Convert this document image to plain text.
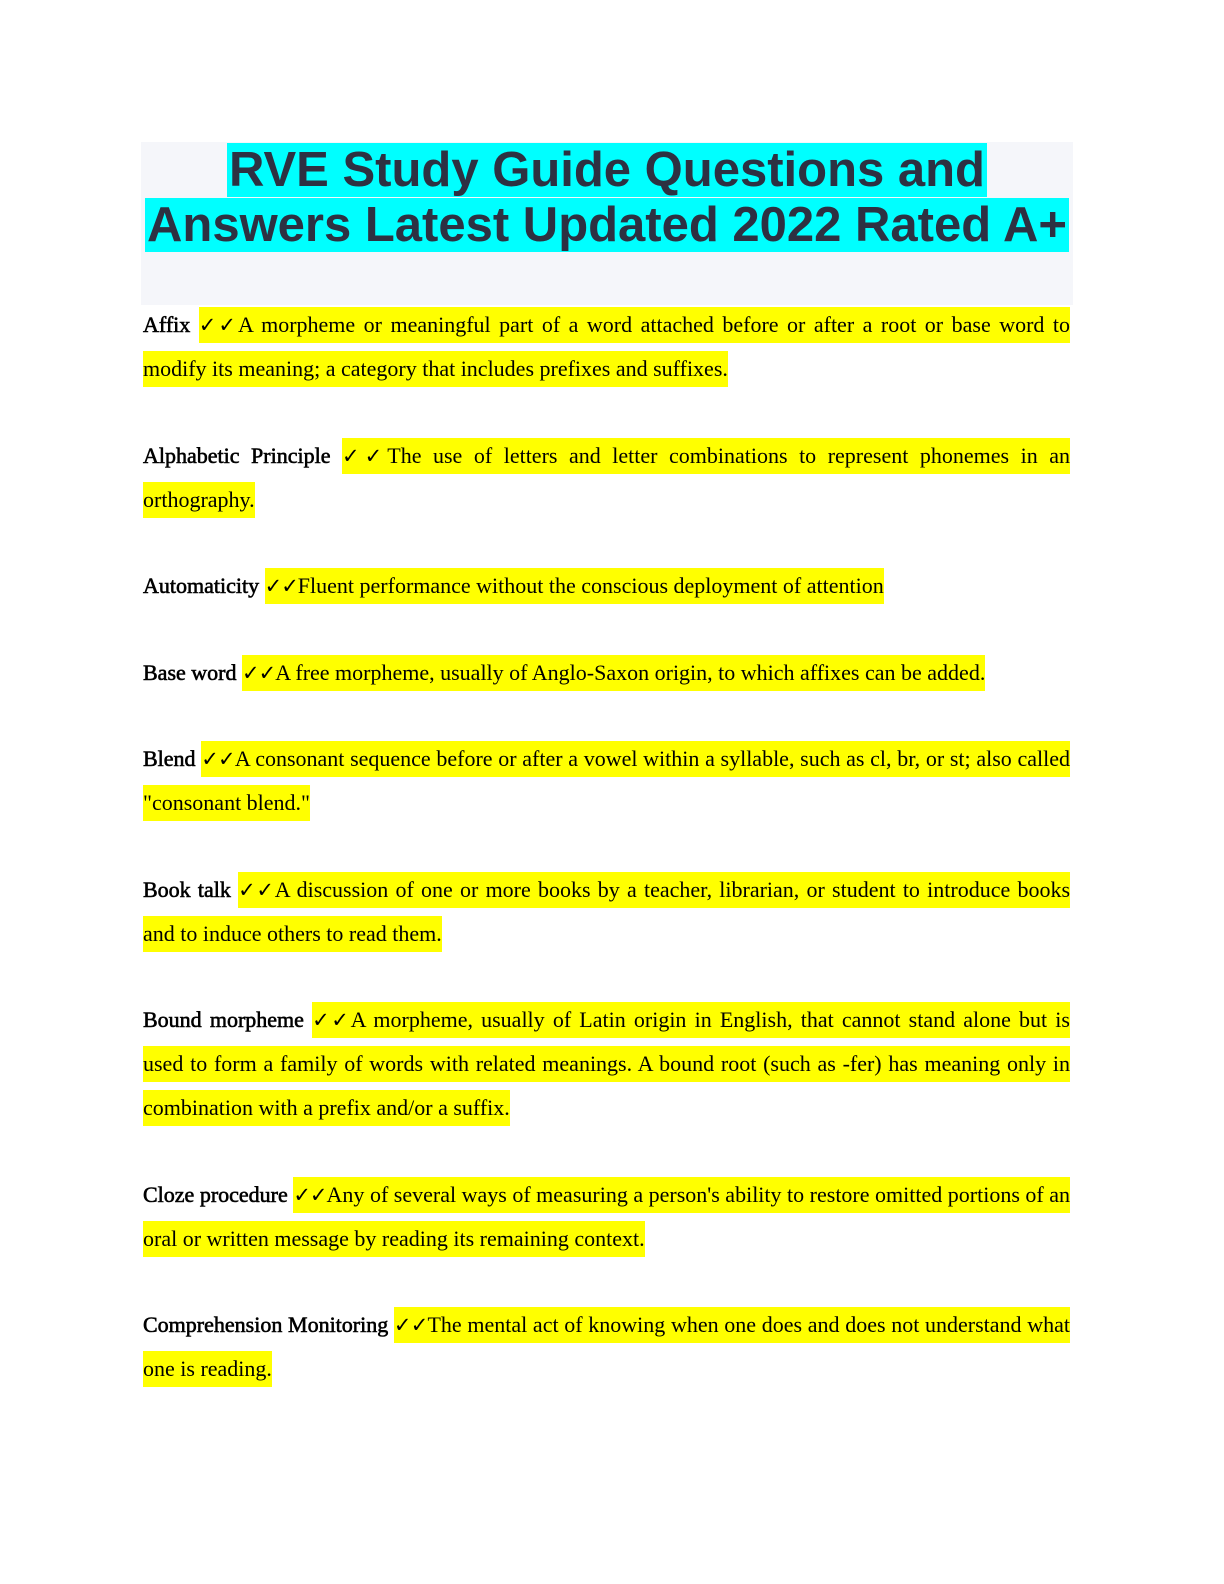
RVE Study Guide Questions and
Answers Latest Updated 2022 Rated A+

Affix ✓✓A morpheme or meaningful part of a word attached before or after a root or base word to modify its meaning; a category that includes prefixes and suffixes.

Alphabetic Principle ✓✓The use of letters and letter combinations to represent phonemes in an orthography.

Automaticity ✓✓Fluent performance without the conscious deployment of attention

Base word ✓✓A free morpheme, usually of Anglo-Saxon origin, to which affixes can be added.

Blend ✓✓A consonant sequence before or after a vowel within a syllable, such as cl, br, or st; also called "consonant blend."

Book talk ✓✓A discussion of one or more books by a teacher, librarian, or student to introduce books and to induce others to read them.

Bound morpheme ✓✓A morpheme, usually of Latin origin in English, that cannot stand alone but is used to form a family of words with related meanings. A bound root (such as -fer) has meaning only in combination with a prefix and/or a suffix.

Cloze procedure ✓✓Any of several ways of measuring a person's ability to restore omitted portions of an oral or written message by reading its remaining context.

Comprehension Monitoring ✓✓The mental act of knowing when one does and does not understand what one is reading.
